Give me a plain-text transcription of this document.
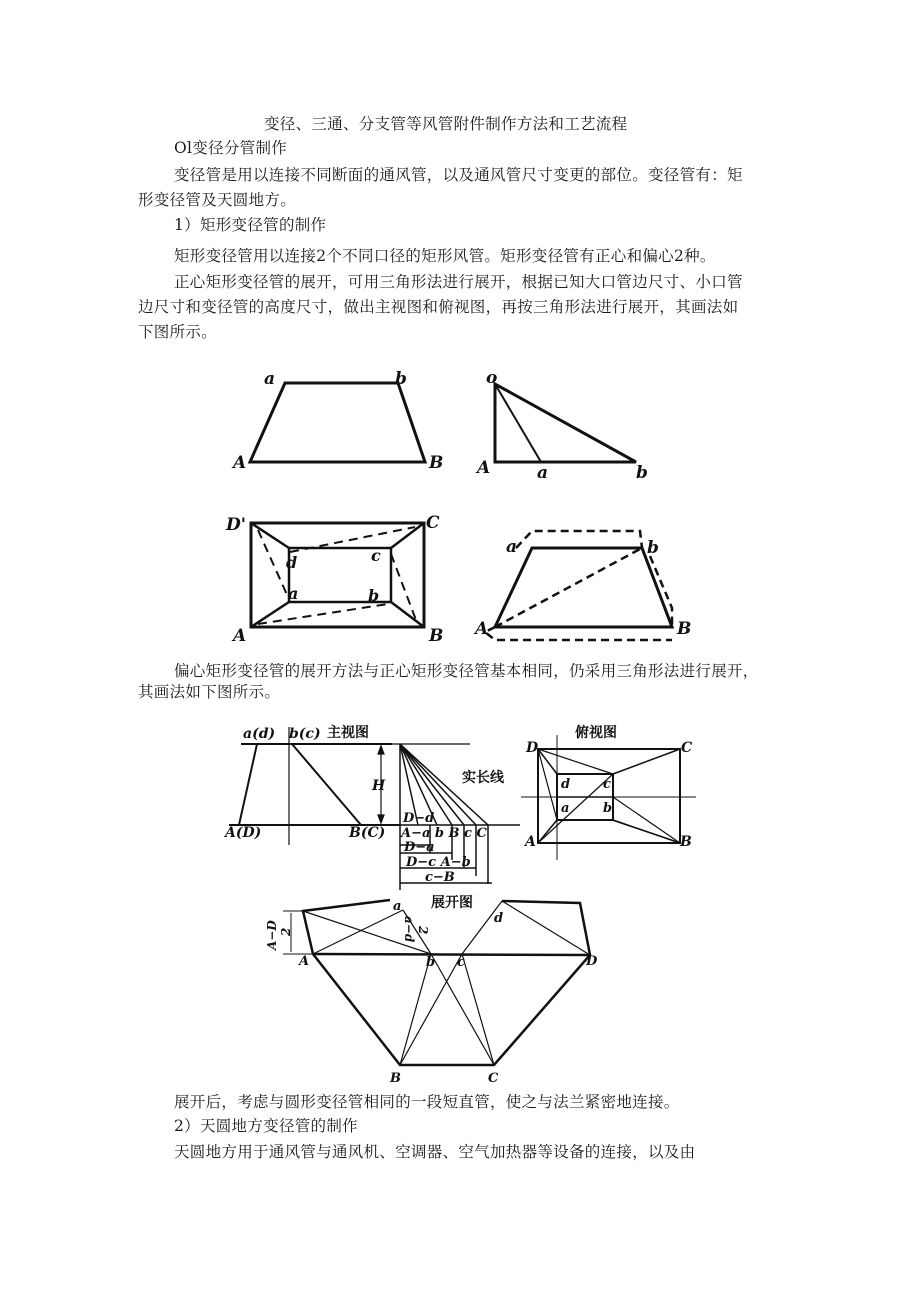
变径、三通、分支管等风管附件制作方法和工艺流程
Ol变径分管制作
变径管是用以连接不同断面的通风管，以及通风管尺寸变更的部位。变径管有：矩
形变径管及天圆地方。
1）矩形变径管的制作
矩形变径管用以连接2个不同口径的矩形风管。矩形变径管有正心和偏心2种。
正心矩形变径管的展开，可用三角形法进行展开，根据已知大口管边尺寸、小口管
边尺寸和变径管的高度尺寸，做出主视图和俯视图，再按三角形法进行展开，其画法如
下图所示。
a	b
A	B
o
A	a	b
D'	C
d	c
a	b
A	B
a	b
A	B
偏心矩形变径管的展开方法与正心矩形变径管基本相同，仍采用三角形法进行展开，
其画法如下图所示。
a(d) b(c) 主视图
A(D)	B(C)
H	实长线
D−d
A−a b B c C
D−a
D−c A−b
c−B
俯视图
D	C
d	c
a	b
A	B
展开图
a
d
A	b c	D
B	C
A−D 2	a−d 2
展开后，考虑与圆形变径管相同的一段短直管，使之与法兰紧密地连接。
2）天圆地方变径管的制作
天圆地方用于通风管与通风机、空调器、空气加热器等设备的连接，以及由
